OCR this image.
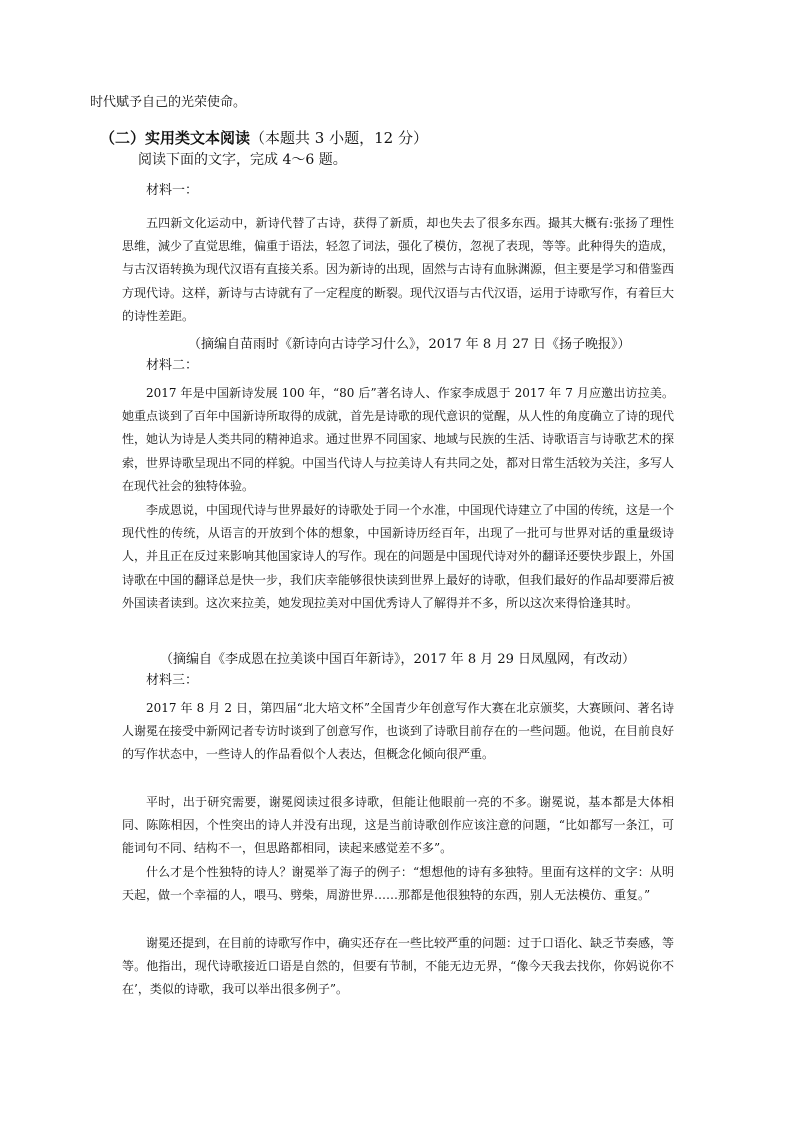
时代赋予自己的光荣使命。
（二）实用类文本阅读（本题共 3 小题，12 分）
阅读下面的文字，完成 4～6 题。
材料一：

五四新文化运动中，新诗代替了古诗，获得了新质，却也失去了很多东西。撮其大概有:张扬了理性思维，減少了直觉思维，偏重于语法，轻忽了词法，强化了模仿，忽视了表现，等等。此种得失的造成，与古汉语转换为现代汉语有直接关系。因为新诗的出现，固然与古诗有血脉渊源，但主要是学习和借鉴西方现代诗。这样，新诗与古诗就有了一定程度的断裂。现代汉语与古代汉语，运用于诗歌写作，有着巨大的诗性差距。

（摘编自苗雨时《新诗向古诗学习什么》，2017 年 8 月 27 日《扬子晚报》）
材料二：

2017 年是中国新诗发展 100 年，“80 后”著名诗人、作家李成恩于 2017 年 7 月应邀出访拉美。她重点谈到了百年中国新诗所取得的成就，首先是诗歌的现代意识的觉醒，从人性的角度确立了诗的现代性，她认为诗是人类共同的精神追求。通过世界不同国家、地域与民族的生活、诗歌语言与诗歌艺术的探索，世界诗歌呈现出不同的样貌。中国当代诗人与拉美诗人有共同之处，都对日常生活较为关注，多写人在现代社会的独特体验。

李成恩说，中国现代诗与世界最好的诗歌处于同一个水准，中国现代诗建立了中国的传统，这是一个现代性的传统，从语言的开放到个体的想象，中国新诗历经百年，出现了一批可与世界对话的重量级诗人，并且正在反过来影响其他国家诗人的写作。现在的问题是中国现代诗对外的翻译还要快步跟上，外国诗歌在中国的翻译总是快一步，我们庆幸能够很快读到世界上最好的诗歌，但我们最好的作品却要滞后被外国读者读到。这次来拉美，她发现拉美对中国优秀诗人了解得并不多，所以这次来得恰逢其时。

（摘编自《李成恩在拉美谈中国百年新诗》，2017 年 8 月 29 日凤凰网，有改动）
材料三：

2017 年 8 月 2 日，第四届“北大培文杯”全国青少年创意写作大赛在北京颁奖，大赛顾问、著名诗人谢冕在接受中新网记者专访时谈到了创意写作，也谈到了诗歌目前存在的一些问题。他说，在目前良好的写作状态中，一些诗人的作品看似个人表达，但概念化倾向很严重。

平时，出于研究需要，谢冕阅读过很多诗歌，但能让他眼前一亮的不多。谢冕说，基本都是大体相同、陈陈相因，个性突出的诗人并没有出现，这是当前诗歌创作应该注意的问题，“比如都写一条江，可能词句不同、结构不一，但思路都相同，读起来感觉差不多”。

什么才是个性独特的诗人？谢冕举了海子的例子：“想想他的诗有多独特。里面有这样的文字：从明天起，做一个幸福的人，喂马、劈柴，周游世界……那都是他很独特的东西，别人无法模仿、重复。”

谢冕还提到，在目前的诗歌写作中，确实还存在一些比较严重的问题：过于口语化、缺乏节奏感，等等。他指出，现代诗歌接近口语是自然的，但要有节制，不能无边无界，“像今天我去找你，你妈说你不在’，类似的诗歌，我可以举出很多例子”。
